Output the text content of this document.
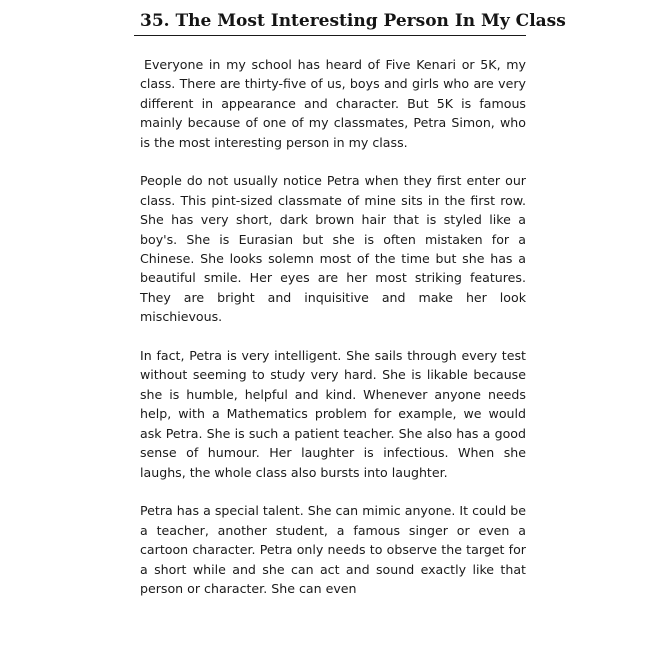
35. The Most Interesting Person In My Class

Everyone in my school has heard of Five Kenari or 5K, my class. There are thirty-five of us, boys and girls who are very different in appearance and character. But 5K is famous mainly because of one of my classmates, Petra Simon, who is the most interesting person in my class.

People do not usually notice Petra when they first enter our class. This pint-sized classmate of mine sits in the first row. She has very short, dark brown hair that is styled like a boy's. She is Eurasian but she is often mistaken for a Chinese. She looks solemn most of the time but she has a beautiful smile. Her eyes are her most striking features. They are bright and inquisitive and make her look mischievous.

In fact, Petra is very intelligent. She sails through every test without seeming to study very hard. She is likable because she is humble, helpful and kind. Whenever anyone needs help, with a Mathematics problem for example, we would ask Petra. She is such a patient teacher. She also has a good sense of humour. Her laughter is infectious. When she laughs, the whole class also bursts into laughter.

Petra has a special talent. She can mimic anyone. It could be a teacher, another student, a famous singer or even a cartoon character. Petra only needs to observe the target for a short while and she can act and sound exactly like that person or character. She can even
